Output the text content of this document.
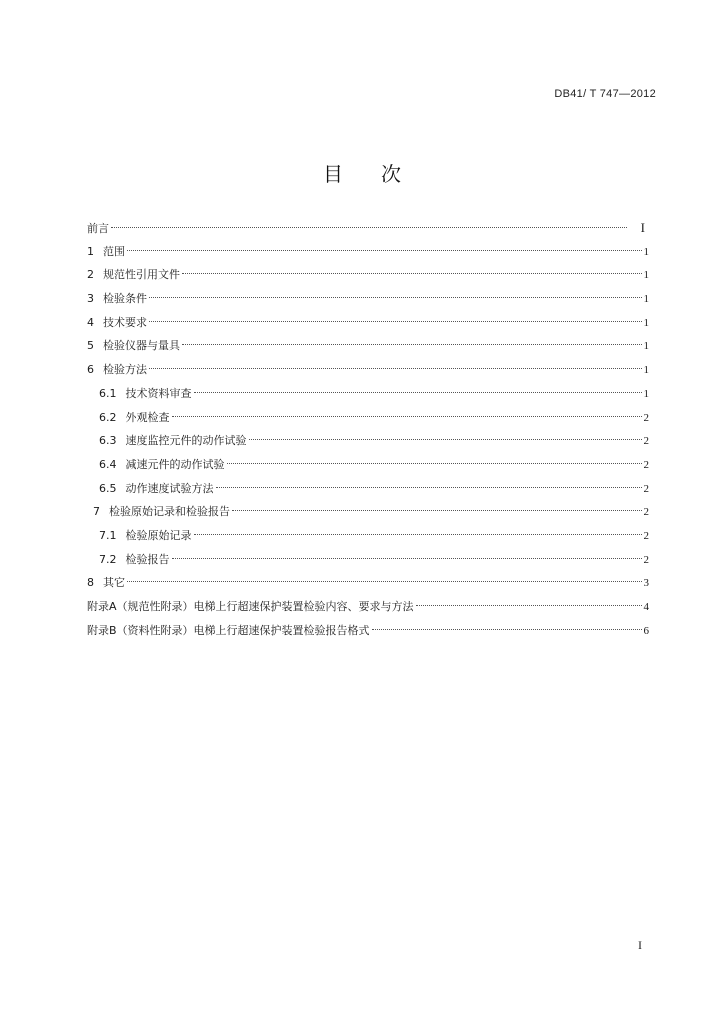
DB41/ T 747—2012
目次
前言	I
1 范围	1
2 规范性引用文件	1
3 检验条件	1
4 技术要求	1
5 检验仪器与量具	1
6 检验方法	1
6.1 技术资料审查	1
6.2 外观检查	2
6.3 速度监控元件的动作试验	2
6.4 减速元件的动作试验	2
6.5 动作速度试验方法	2
7 检验原始记录和检验报告	2
7.1 检验原始记录	2
7.2 检验报告	2
8 其它	3
附录A（规范性附录）电梯上行超速保护装置检验内容、要求与方法	4
附录B（资料性附录）电梯上行超速保护装置检验报告格式	6
I
